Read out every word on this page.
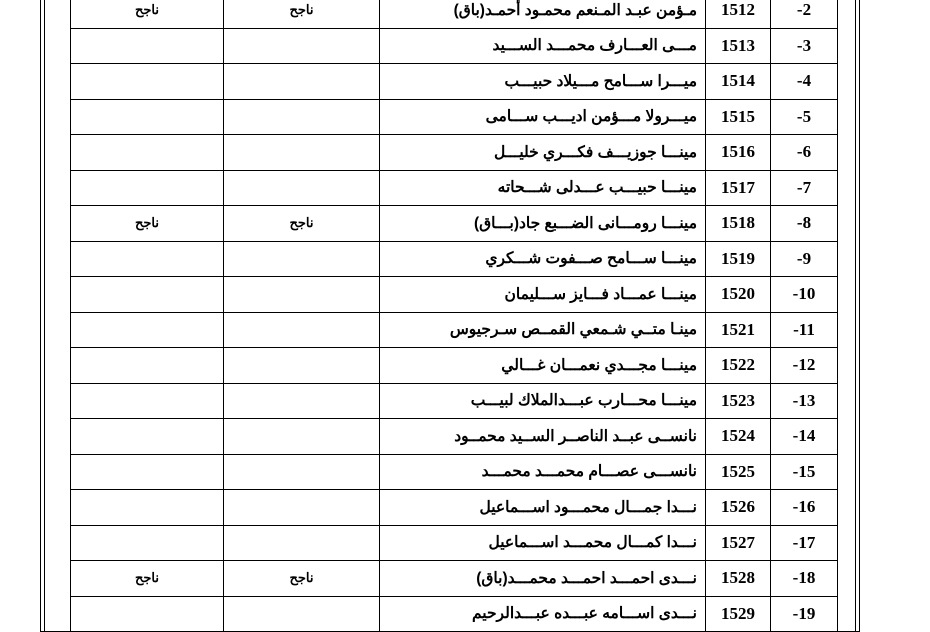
ناجح	ناجح	مـؤمن عبـد المـنعم محمـود أحمـد(باق)	1512	-2
		مـــى العـــارف محمـــد الســـيد	1513	-3
		ميـــرا ســـامح مـــيلاد حبيـــب	1514	-4
		ميـــرولا مـــؤمن اديـــب ســـامى	1515	-5
		مينـــا جوزيـــف فكـــري خليـــل	1516	-6
		مينـــا حبيـــب عـــدلى شـــحاته	1517	-7
ناجح	ناجح	مينـــا رومـــانى الضـــبع جاد(بـــاق)	1518	-8
		مينـــا ســـامح صـــفوت شـــكري	1519	-9
		مينـــا عمـــاد فـــايز ســـليمان	1520	-10
		مينـا متــي شـمعي القمــص سـرجيوس	1521	-11
		مينـــا مجـــدي نعمـــان غـــالي	1522	-12
		مينـــا محـــارب عبـــدالملاك لبيـــب	1523	-13
		نانســى عبــد الناصــر الســيد محمــود	1524	-14
		نانســـى عصـــام محمـــد محمـــد	1525	-15
		نـــدا جمـــال محمـــود اســـماعيل	1526	-16
		نـــدا كمـــال محمـــد اســـماعيل	1527	-17
ناجح	ناجح	نـــدى احمـــد احمـــد محمـــد(باق)	1528	-18
		نـــدى اســـامه عبـــده عبـــدالرحيم	1529	-19
